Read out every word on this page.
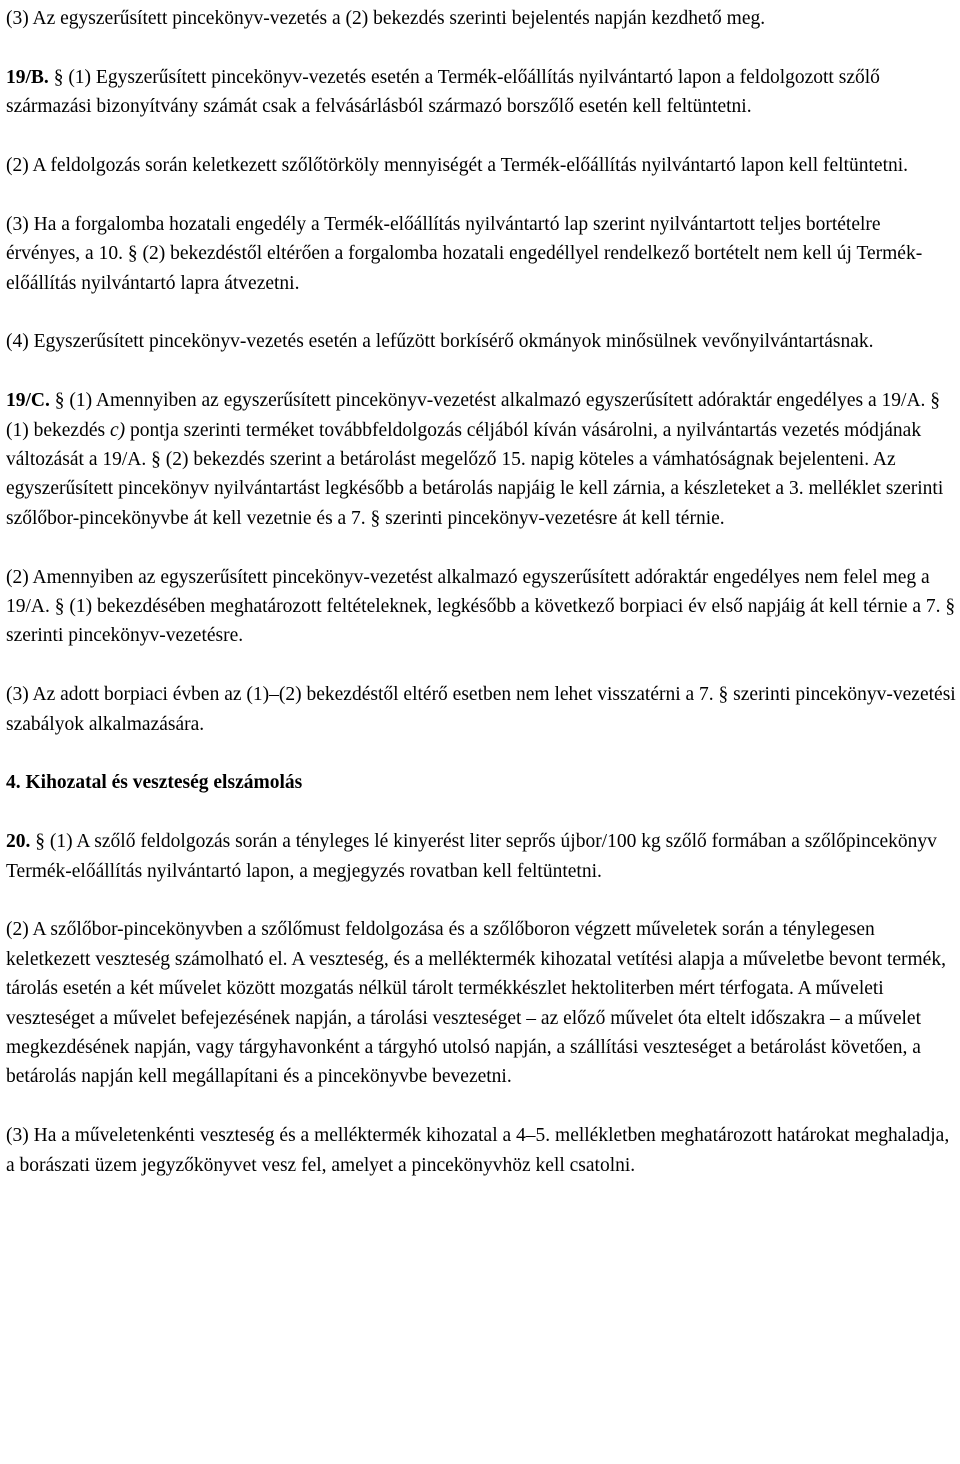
(3) Az egyszerűsített pincekönyv-vezetés a (2) bekezdés szerinti bejelentés napján kezdhető meg.

19/B. § (1) Egyszerűsített pincekönyv-vezetés esetén a Termék-előállítás nyilvántartó lapon a feldolgozott szőlő származási bizonyítvány számát csak a felvásárlásból származó borszőlő esetén kell feltüntetni.

(2) A feldolgozás során keletkezett szőlőtörköly mennyiségét a Termék-előállítás nyilvántartó lapon kell feltüntetni.

(3) Ha a forgalomba hozatali engedély a Termék-előállítás nyilvántartó lap szerint nyilvántartott teljes bortételre érvényes, a 10. § (2) bekezdéstől eltérően a forgalomba hozatali engedéllyel rendelkező bortételt nem kell új Termék-előállítás nyilvántartó lapra átvezetni.

(4) Egyszerűsített pincekönyv-vezetés esetén a lefűzött borkísérő okmányok minősülnek vevőnyilvántartásnak.

19/C. § (1) Amennyiben az egyszerűsített pincekönyv-vezetést alkalmazó egyszerűsített adóraktár engedélyes a 19/A. § (1) bekezdés c) pontja szerinti terméket továbbfeldolgozás céljából kíván vásárolni, a nyilvántartás vezetés módjának változását a 19/A. § (2) bekezdés szerint a betárolást megelőző 15. napig köteles a vámhatóságnak bejelenteni. Az egyszerűsített pincekönyv nyilvántartást legkésőbb a betárolás napjáig le kell zárnia, a készleteket a 3. melléklet szerinti szőlőbor-pincekönyvbe át kell vezetnie és a 7. § szerinti pincekönyv-vezetésre át kell térnie.

(2) Amennyiben az egyszerűsített pincekönyv-vezetést alkalmazó egyszerűsített adóraktár engedélyes nem felel meg a 19/A. § (1) bekezdésében meghatározott feltételeknek, legkésőbb a következő borpiaci év első napjáig át kell térnie a 7. § szerinti pincekönyv-vezetésre.

(3) Az adott borpiaci évben az (1)–(2) bekezdéstől eltérő esetben nem lehet visszatérni a 7. § szerinti pincekönyv-vezetési szabályok alkalmazására.

4. Kihozatal és veszteség elszámolás

20. § (1) A szőlő feldolgozás során a tényleges lé kinyerést liter seprős újbor/100 kg szőlő formában a szőlőpincekönyv Termék-előállítás nyilvántartó lapon, a megjegyzés rovatban kell feltüntetni.

(2) A szőlőbor-pincekönyvben a szőlőmust feldolgozása és a szőlőboron végzett műveletek során a ténylegesen keletkezett veszteség számolható el. A veszteség, és a melléktermék kihozatal vetítési alapja a műveletbe bevont termék, tárolás esetén a két művelet között mozgatás nélkül tárolt termékkészlet hektoliterben mért térfogata. A műveleti veszteséget a művelet befejezésének napján, a tárolási veszteséget – az előző művelet óta eltelt időszakra – a művelet megkezdésének napján, vagy tárgyhavonként a tárgyhó utolsó napján, a szállítási veszteséget a betárolást követően, a betárolás napján kell megállapítani és a pincekönyvbe bevezetni.

(3) Ha a műveletenkénti veszteség és a melléktermék kihozatal a 4–5. mellékletben meghatározott határokat meghaladja, a borászati üzem jegyzőkönyvet vesz fel, amelyet a pincekönyvhöz kell csatolni.
